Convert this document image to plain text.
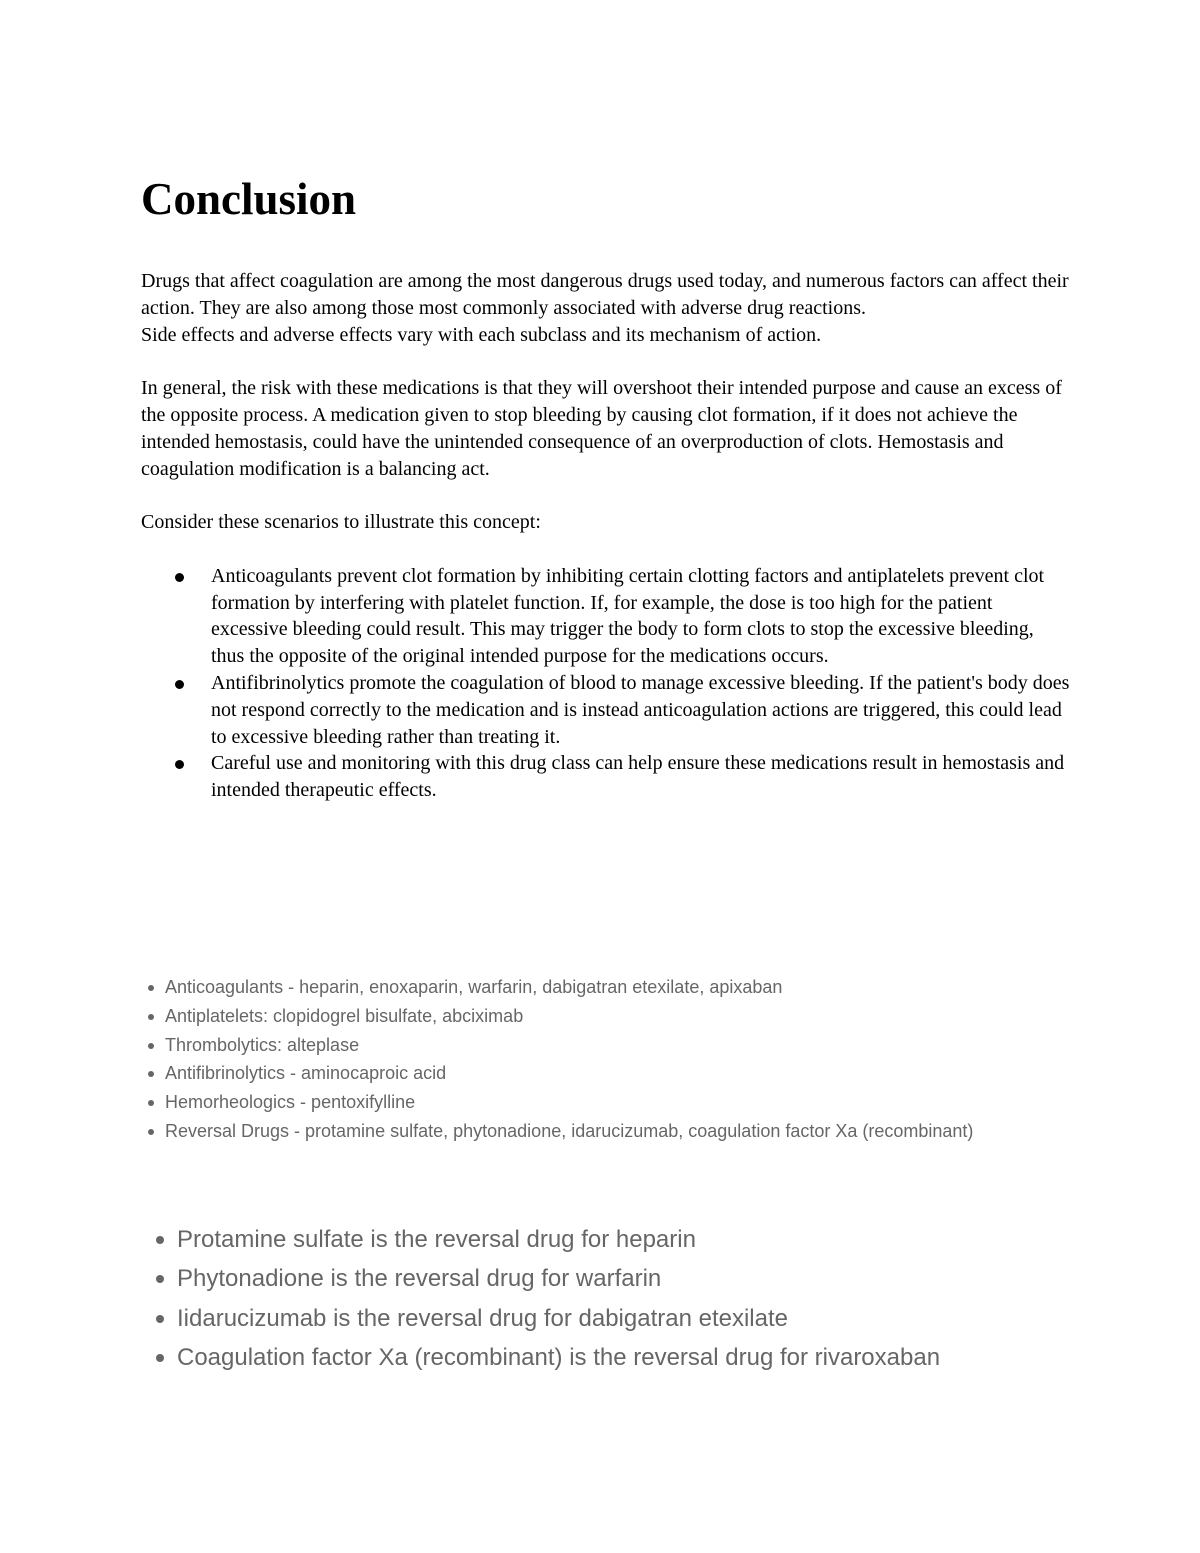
Conclusion

Drugs that affect coagulation are among the most dangerous drugs used today, and numerous factors can affect their action. They are also among those most commonly associated with adverse drug reactions.

Side effects and adverse effects vary with each subclass and its mechanism of action.

In general, the risk with these medications is that they will overshoot their intended purpose and cause an excess of the opposite process. A medication given to stop bleeding by causing clot formation, if it does not achieve the intended hemostasis, could have the unintended consequence of an overproduction of clots. Hemostasis and coagulation modification is a balancing act.

Consider these scenarios to illustrate this concept:

Anticoagulants prevent clot formation by inhibiting certain clotting factors and antiplatelets prevent clot formation by interfering with platelet function. If, for example, the dose is too high for the patient excessive bleeding could result. This may trigger the body to form clots to stop the excessive bleeding, thus the opposite of the original intended purpose for the medications occurs.
Antifibrinolytics promote the coagulation of blood to manage excessive bleeding. If the patient's body does not respond correctly to the medication and is instead anticoagulation actions are triggered, this could lead to excessive bleeding rather than treating it.
Careful use and monitoring with this drug class can help ensure these medications result in hemostasis and intended therapeutic effects.
Anticoagulants - heparin, enoxaparin, warfarin, dabigatran etexilate, apixaban
Antiplatelets: clopidogrel bisulfate, abciximab
Thrombolytics: alteplase
Antifibrinolytics - aminocaproic acid
Hemorheologics - pentoxifylline
Reversal Drugs - protamine sulfate, phytonadione, idarucizumab, coagulation factor Xa (recombinant)
Protamine sulfate is the reversal drug for heparin
Phytonadione is the reversal drug for warfarin
Iidarucizumab is the reversal drug for dabigatran etexilate
Coagulation factor Xa (recombinant) is the reversal drug for rivaroxaban
